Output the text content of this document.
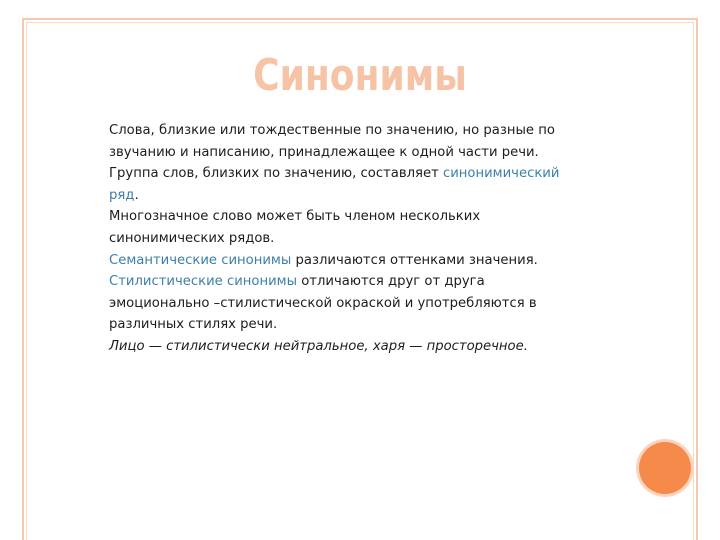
Синонимы

Слова, близкие или тождественные по значению, но разные по звучанию и написанию, принадлежащее к одной части речи.

Группа слов, близких по значению, составляет синонимический ряд.

Многозначное слово может быть членом нескольких синонимических рядов.

Семантические синонимы различаются оттенками значения.

Стилистические синонимы отличаются друг от друга эмоционально –стилистической окраской и употребляются в различных стилях речи.

Лицо — стилистически нейтральное, харя — просторечное.
